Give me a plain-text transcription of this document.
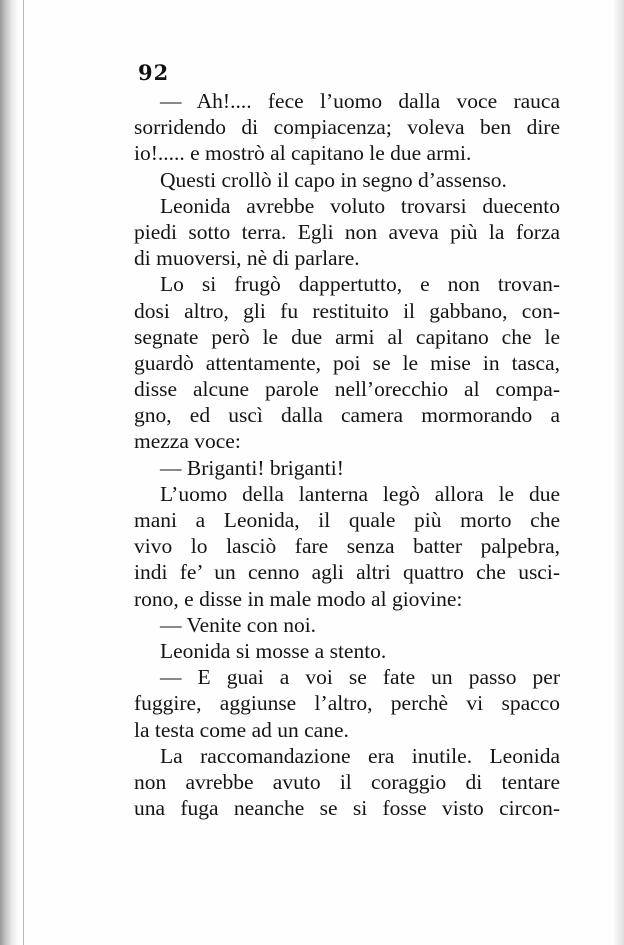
92
— Ah!.... fece l’uomo dalla voce rauca
sorridendo di compiacenza; voleva ben dire
io!..... e mostrò al capitano le due armi.
Questi crollò il capo in segno d’assenso.
Leonida avrebbe voluto trovarsi duecento
piedi sotto terra. Egli non aveva più la forza
di muoversi, nè di parlare.
Lo si frugò dappertutto, e non trovan-
dosi altro, gli fu restituito il gabbano, con-
segnate però le due armi al capitano che le
guardò attentamente, poi se le mise in tasca,
disse alcune parole nell’orecchio al compa-
gno, ed uscì dalla camera mormorando a
mezza voce:
— Briganti! briganti!
L’uomo della lanterna legò allora le due
mani a Leonida, il quale più morto che
vivo lo lasciò fare senza batter palpebra,
indi fe’ un cenno agli altri quattro che usci-
rono, e disse in male modo al giovine:
— Venite con noi.
Leonida si mosse a stento.
— E guai a voi se fate un passo per
fuggire, aggiunse l’altro, perchè vi spacco
la testa come ad un cane.
La raccomandazione era inutile. Leonida
non avrebbe avuto il coraggio di tentare
una fuga neanche se si fosse visto circon-
